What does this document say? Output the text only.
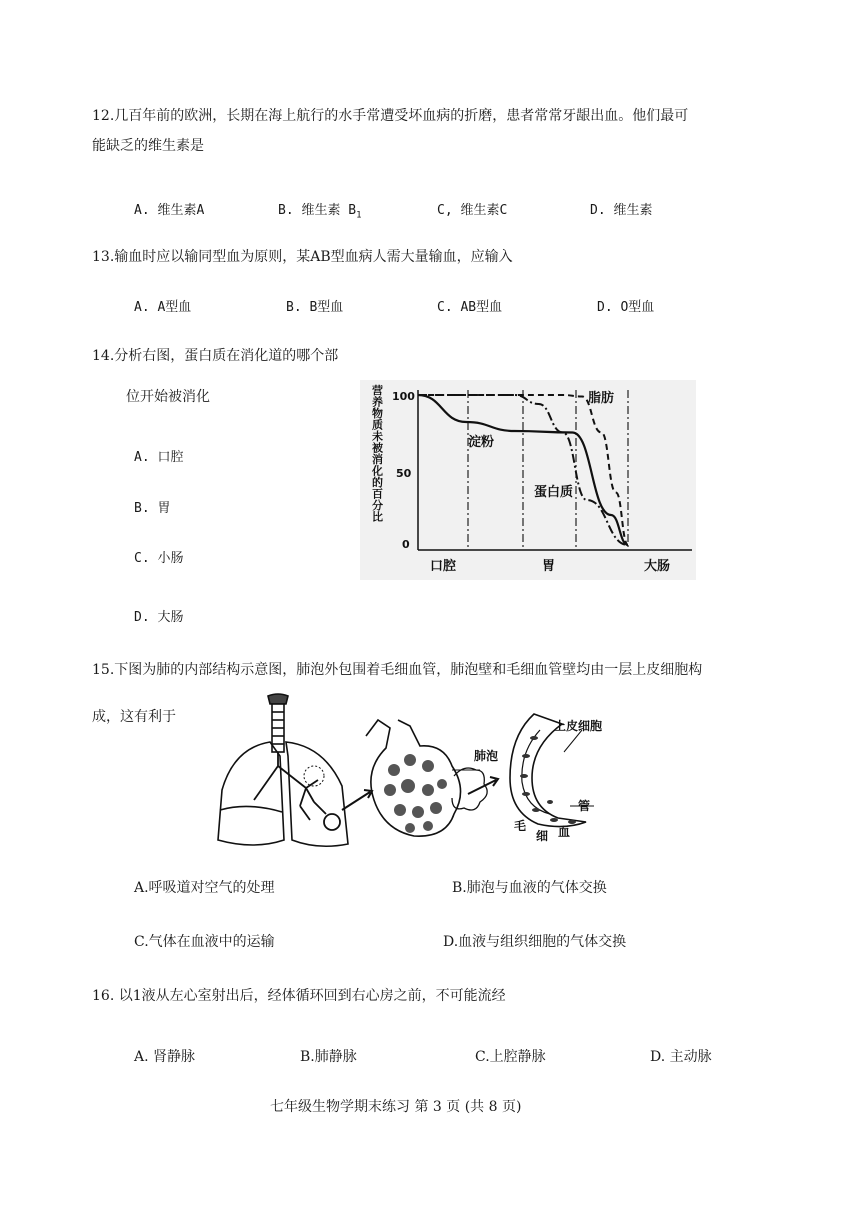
12.几百年前的欧洲，长期在海上航行的水手常遭受坏血病的折磨，患者常常牙龈出血。他们最可
能缺乏的维生素是
A. 维生素A	B. 维生素 $B_1$	C, 维生素C	D. 维生素
13.输血时应以输同型血为原则，某AB型血病人需大量输血，应输入
A. A型血	B. B型血	C. AB型血	D. O型血
14.分析右图，蛋白质在消化道的哪个部
位开始被消化
A. 口腔
B. 胃
C. 小肠
D. 大肠
营养物质未被消化的百分比
100
50
0
淀粉
蛋白质
脂肪
口腔	胃	大肠
15.下图为肺的内部结构示意图，肺泡外包围着毛细血管，肺泡壁和毛细血管壁均由一层上皮细胞构
成，这有利于
肺泡
上皮细胞
毛
细 血
管
A.呼吸道对空气的处理	B.肺泡与血液的气体交换
C.气体在血液中的运输	D.血液与组织细胞的气体交换
16. 以1液从左心室射出后，经体循环回到右心房之前，不可能流经
A. 肾静脉	B.肺静脉	C.上腔静脉	D. 主动脉
七年级生物学期末练习 第 3 页 (共 8 页)
